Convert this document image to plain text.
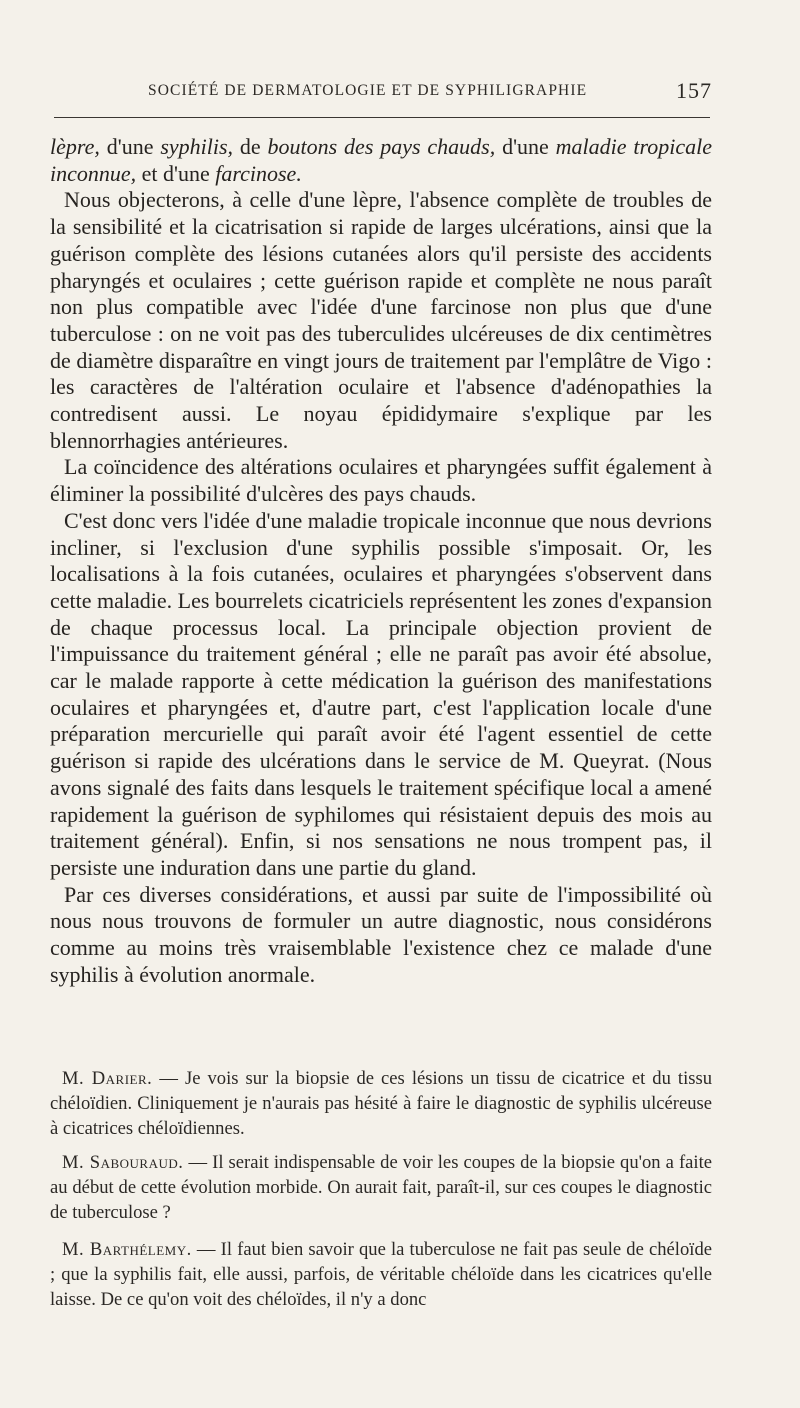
SOCIÉTÉ DE DERMATOLOGIE ET DE SYPHILIGRAPHIE	157

lèpre, d'une syphilis, de boutons des pays chauds, d'une maladie tropicale inconnue, et d'une farcinose.

Nous objecterons, à celle d'une lèpre, l'absence complète de troubles de la sensibilité et la cicatrisation si rapide de larges ulcérations, ainsi que la guérison complète des lésions cutanées alors qu'il persiste des accidents pharyngés et oculaires ; cette guérison rapide et complète ne nous paraît non plus compatible avec l'idée d'une farcinose non plus que d'une tuberculose : on ne voit pas des tuberculides ulcéreuses de dix centimètres de diamètre disparaître en vingt jours de traitement par l'emplâtre de Vigo : les caractères de l'altération oculaire et l'absence d'adénopathies la contredisent aussi. Le noyau épididymaire s'explique par les blennorrhagies antérieures.

La coïncidence des altérations oculaires et pharyngées suffit également à éliminer la possibilité d'ulcères des pays chauds.

C'est donc vers l'idée d'une maladie tropicale inconnue que nous devrions incliner, si l'exclusion d'une syphilis possible s'imposait. Or, les localisations à la fois cutanées, oculaires et pharyngées s'observent dans cette maladie. Les bourrelets cicatriciels représentent les zones d'expansion de chaque processus local. La principale objection provient de l'impuissance du traitement général ; elle ne paraît pas avoir été absolue, car le malade rapporte à cette médication la guérison des manifestations oculaires et pharyngées et, d'autre part, c'est l'application locale d'une préparation mercurielle qui paraît avoir été l'agent essentiel de cette guérison si rapide des ulcérations dans le service de M. Queyrat. (Nous avons signalé des faits dans lesquels le traitement spécifique local a amené rapidement la guérison de syphilomes qui résistaient depuis des mois au traitement général). Enfin, si nos sensations ne nous trompent pas, il persiste une induration dans une partie du gland.

Par ces diverses considérations, et aussi par suite de l'impossibilité où nous nous trouvons de formuler un autre diagnostic, nous considérons comme au moins très vraisemblable l'existence chez ce malade d'une syphilis à évolution anormale.

M. Darier. — Je vois sur la biopsie de ces lésions un tissu de cicatrice et du tissu chéloïdien. Cliniquement je n'aurais pas hésité à faire le diagnostic de syphilis ulcéreuse à cicatrices chéloïdiennes.

M. Sabouraud. — Il serait indispensable de voir les coupes de la biopsie qu'on a faite au début de cette évolution morbide. On aurait fait, paraît-il, sur ces coupes le diagnostic de tuberculose ?

M. Barthélemy. — Il faut bien savoir que la tuberculose ne fait pas seule de chéloïde ; que la syphilis fait, elle aussi, parfois, de véritable chéloïde dans les cicatrices qu'elle laisse. De ce qu'on voit des chéloïdes, il n'y a donc
